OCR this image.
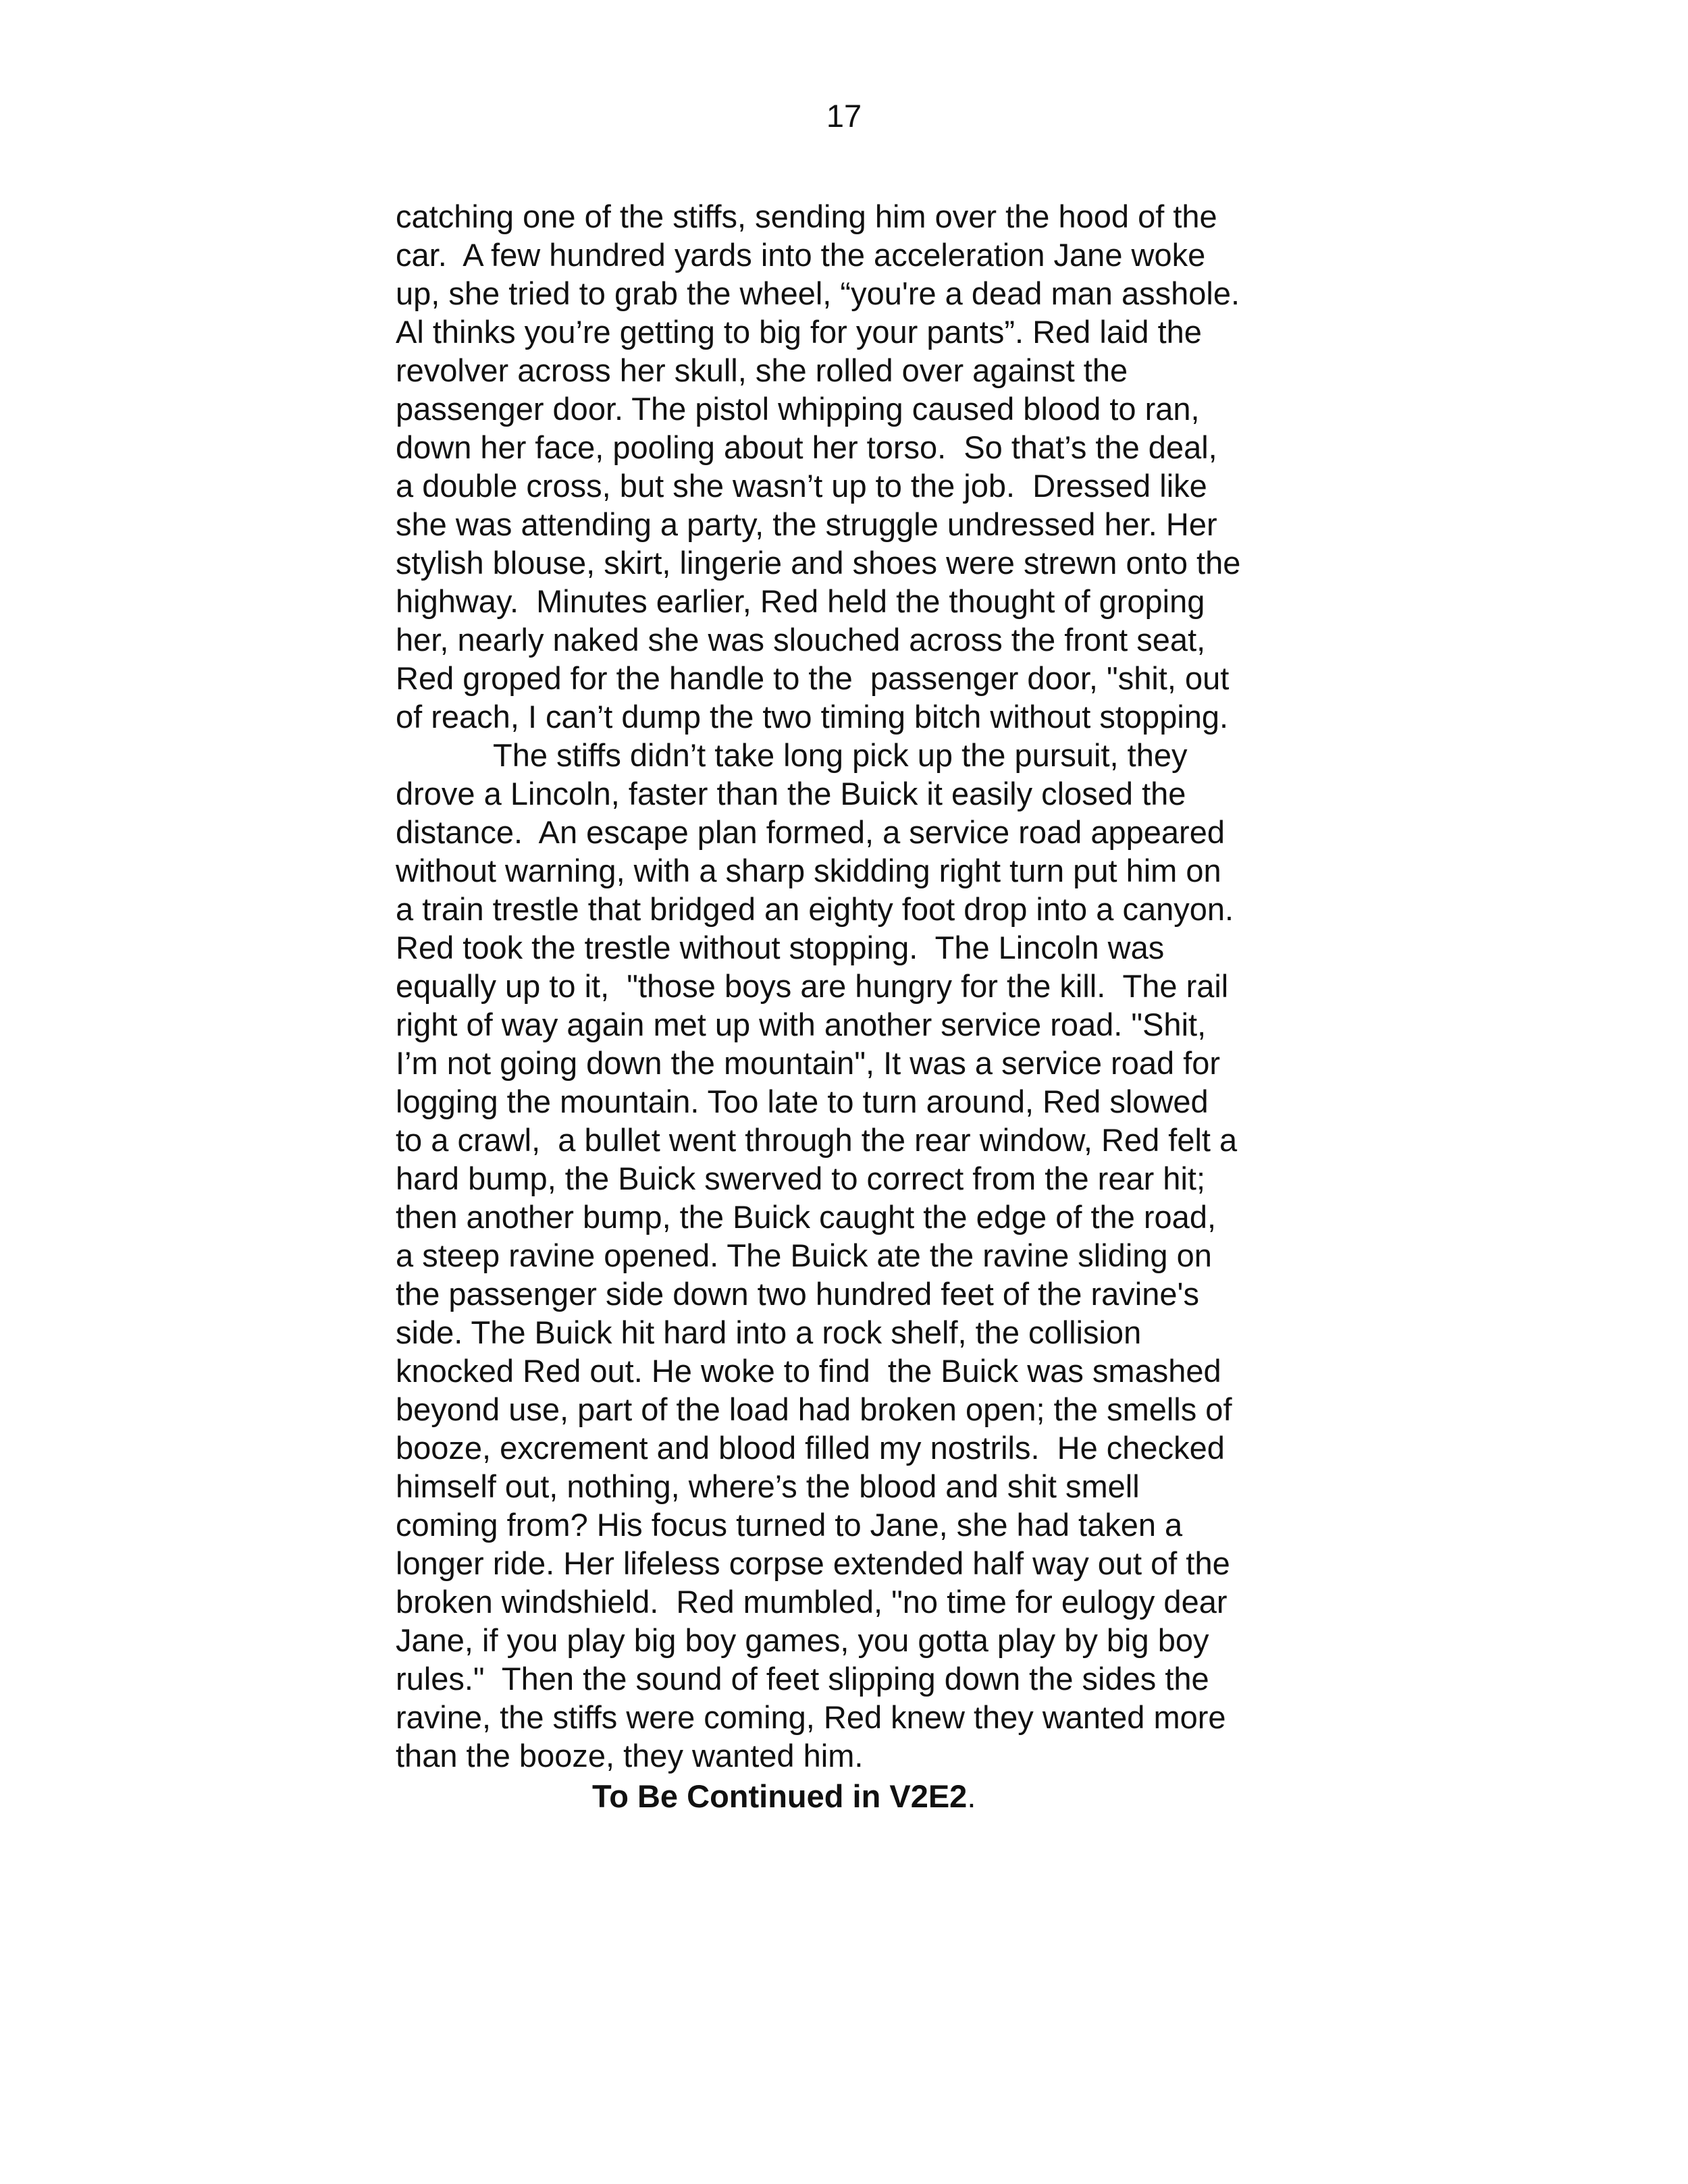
17
catching one of the stiffs, sending him over the hood of the
car.  A few hundred yards into the acceleration Jane woke
up, she tried to grab the wheel, “you're a dead man asshole.
Al thinks you’re getting to big for your pants”. Red laid the
revolver across her skull, she rolled over against the
passenger door. The pistol whipping caused blood to ran,
down her face, pooling about her torso.  So that’s the deal,
a double cross, but she wasn’t up to the job.  Dressed like
she was attending a party, the struggle undressed her. Her
stylish blouse, skirt, lingerie and shoes were strewn onto the
highway.  Minutes earlier, Red held the thought of groping
her, nearly naked she was slouched across the front seat,
Red groped for the handle to the  passenger door, "shit, out
of reach, I can’t dump the two timing bitch without stopping.
The stiffs didn’t take long pick up the pursuit, they
drove a Lincoln, faster than the Buick it easily closed the
distance.  An escape plan formed, a service road appeared
without warning, with a sharp skidding right turn put him on
a train trestle that bridged an eighty foot drop into a canyon.
Red took the trestle without stopping.  The Lincoln was
equally up to it,  "those boys are hungry for the kill.  The rail
right of way again met up with another service road. "Shit,
I’m not going down the mountain", It was a service road for
logging the mountain. Too late to turn around, Red slowed
to a crawl,  a bullet went through the rear window, Red felt a
hard bump, the Buick swerved to correct from the rear hit;
then another bump, the Buick caught the edge of the road,
a steep ravine opened. The Buick ate the ravine sliding on
the passenger side down two hundred feet of the ravine's
side. The Buick hit hard into a rock shelf, the collision
knocked Red out. He woke to find  the Buick was smashed
beyond use, part of the load had broken open; the smells of
booze, excrement and blood filled my nostrils.  He checked
himself out, nothing, where’s the blood and shit smell
coming from? His focus turned to Jane, she had taken a
longer ride. Her lifeless corpse extended half way out of the
broken windshield.  Red mumbled, "no time for eulogy dear
Jane, if you play big boy games, you gotta play by big boy
rules."  Then the sound of feet slipping down the sides the
ravine, the stiffs were coming, Red knew they wanted more
than the booze, they wanted him.
To Be Continued in V2E2.
